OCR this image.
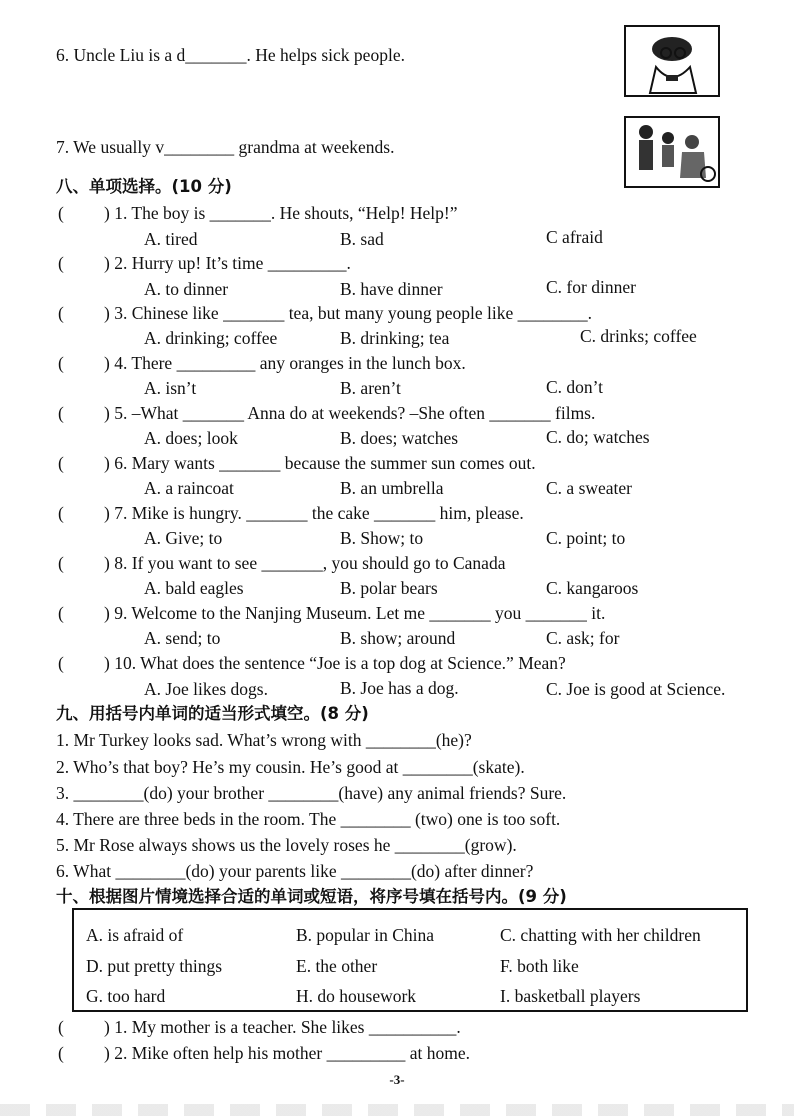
6. Uncle Liu is a d_______. He helps sick people.
7. We usually v________ grandma at weekends.
八、单项选择。(10 分)
( ) 1. The boy is _______. He shouts, “Help! Help!”
A. tired	B. sad	C afraid
( ) 2. Hurry up! It’s time _________.
A. to dinner	B. have dinner	C. for dinner
( ) 3. Chinese like _______ tea, but many young people like ________.
A. drinking; coffee	B. drinking; tea	C. drinks; coffee
( ) 4. There _________ any oranges in the lunch box.
A. isn’t	B. aren’t	C. don’t
( ) 5. –What _______ Anna do at weekends? –She often _______ films.
A. does; look	B. does; watches	C. do; watches
( ) 6. Mary wants _______ because the summer sun comes out.
A. a raincoat	B. an umbrella	C. a sweater
( ) 7. Mike is hungry. _______ the cake _______ him, please.
A. Give; to	B. Show; to	C. point; to
( ) 8. If you want to see _______, you should go to Canada
A. bald eagles	B. polar bears	C. kangaroos
( ) 9. Welcome to the Nanjing Museum. Let me _______ you _______ it.
A. send; to	B. show; around	C. ask; for
( ) 10. What does the sentence “Joe is a top dog at Science.” Mean?
A. Joe likes dogs.	B. Joe has a dog.	C. Joe is good at Science.
九、用括号内单词的适当形式填空。(8 分)
1. Mr Turkey looks sad. What’s wrong with ________(he)?
2. Who’s that boy? He’s my cousin. He’s good at ________(skate).
3. ________(do) your brother ________(have) any animal friends? Sure.
4. There are three beds in the room. The ________ (two) one is too soft.
5. Mr Rose always shows us the lovely roses he ________(grow).
6. What ________(do) your parents like ________(do) after dinner?
十、根据图片情境选择合适的单词或短语，将序号填在括号内。(9 分)
A. is afraid of	B. popular in China	C. chatting with her children
D. put pretty things	E. the other	F. both like
G. too hard	H. do housework	I. basketball players
( ) 1. My mother is a teacher. She likes __________.
( ) 2. Mike often help his mother _________ at home.
-3-
